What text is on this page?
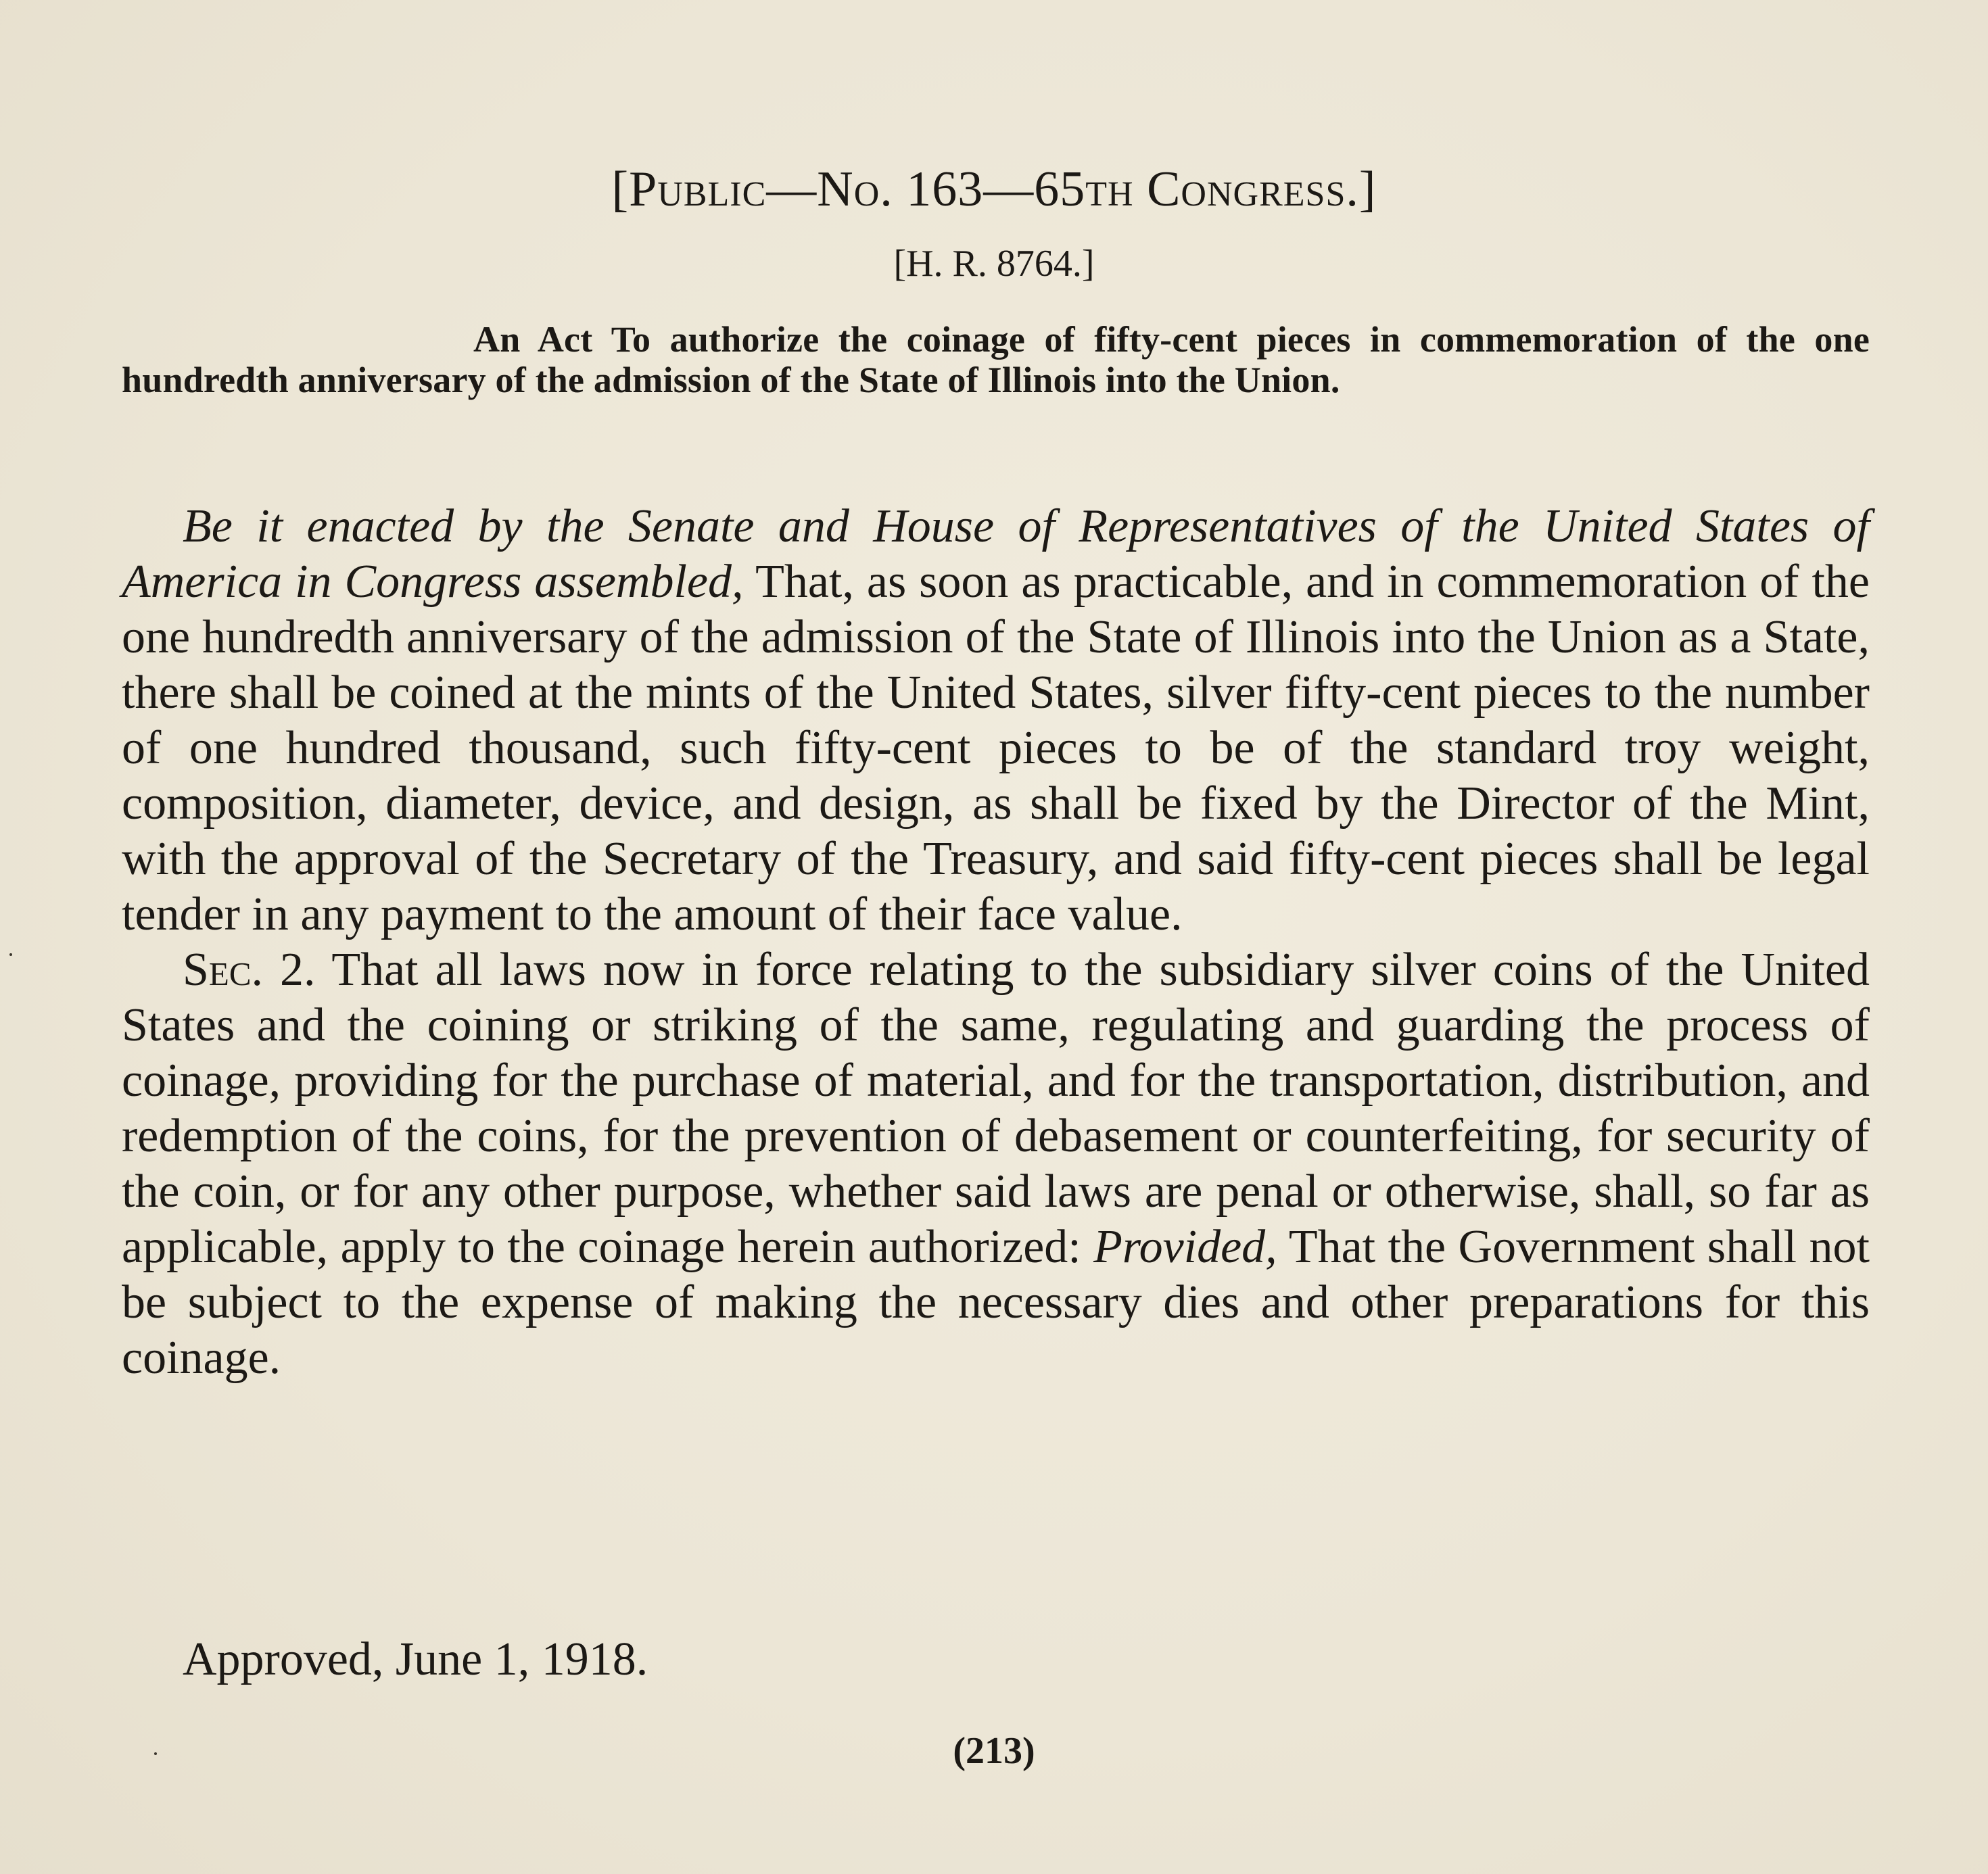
[Public—No. 163—65th Congress.]
[H. R. 8764.]
An Act To authorize the coinage of fifty-cent pieces in commemoration of the one hundredth anniversary of the admission of the State of Illinois into the Union.

Be it enacted by the Senate and House of Representatives of the United States of America in Congress assembled, That, as soon as practicable, and in commemoration of the one hundredth anniversary of the admission of the State of Illinois into the Union as a State, there shall be coined at the mints of the United States, silver fifty-cent pieces to the number of one hundred thousand, such fifty-cent pieces to be of the standard troy weight, composition, diameter, device, and design, as shall be fixed by the Director of the Mint, with the approval of the Secretary of the Treasury, and said fifty-cent pieces shall be legal tender in any payment to the amount of their face value.

Sec. 2. That all laws now in force relating to the subsidiary silver coins of the United States and the coining or striking of the same, regulating and guarding the process of coinage, providing for the purchase of material, and for the transportation, distribution, and redemption of the coins, for the prevention of debasement or counterfeiting, for security of the coin, or for any other purpose, whether said laws are penal or otherwise, shall, so far as applicable, apply to the coinage herein authorized: Provided, That the Government shall not be subject to the expense of making the necessary dies and other preparations for this coinage.

Approved, June 1, 1918.
(213)
